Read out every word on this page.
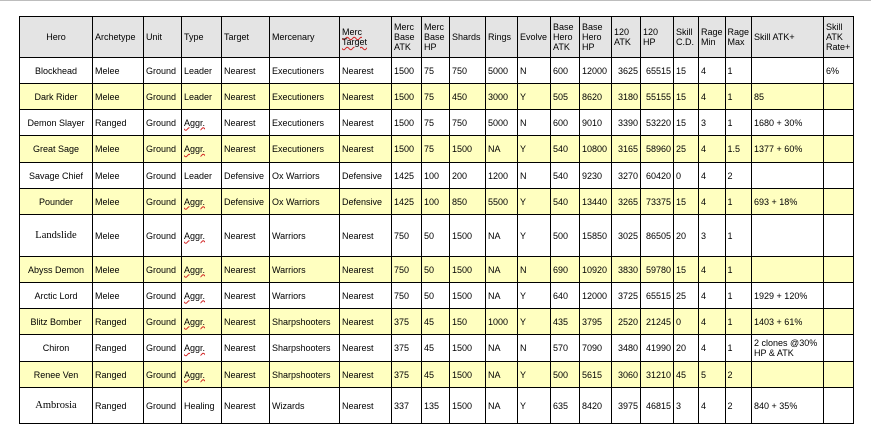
Hero	Archetype	Unit	Type	Target	Mercenary	Merc Target	Merc Base ATK	Merc Base HP	Shards	Rings	Evolve	Base Hero ATK	Base Hero HP	120 ATK	120 HP	Skill C.D.	Rage Min	Rage Max	Skill ATK+	Skill ATK Rate+
Blockhead	Melee	Ground	Leader	Nearest	Executioners	Nearest	1500	75	750	5000	N	600	12000	3625	65515	15	4	1		6%
Dark Rider	Melee	Ground	Leader	Nearest	Executioners	Nearest	1500	75	450	3000	Y	505	8620	3180	55155	15	4	1	85	
Demon Slayer	Ranged	Ground	Aggr.	Nearest	Executioners	Nearest	1500	75	750	5000	N	600	9010	3390	53220	15	3	1	1680 + 30%	
Great Sage	Melee	Ground	Aggr.	Nearest	Executioners	Nearest	1500	75	1500	NA	Y	540	10800	3165	58960	25	4	1.5	1377 + 60%	
Savage Chief	Melee	Ground	Leader	Defensive	Ox Warriors	Defensive	1425	100	200	1200	N	540	9230	3270	60420	0	4	2		
Pounder	Melee	Ground	Aggr.	Defensive	Ox Warriors	Defensive	1425	100	850	5500	Y	540	13440	3265	73375	15	4	1	693 + 18%	
Landslide	Melee	Ground	Aggr.	Nearest	Warriors	Nearest	750	50	1500	NA	Y	500	15850	3025	86505	20	3	1		
Abyss Demon	Melee	Ground	Aggr.	Nearest	Warriors	Nearest	750	50	1500	NA	N	690	10920	3830	59780	15	4	1		
Arctic Lord	Melee	Ground	Aggr.	Nearest	Warriors	Nearest	750	50	1500	NA	Y	640	12000	3725	65515	25	4	1	1929 + 120%	
Blitz Bomber	Ranged	Ground	Aggr.	Nearest	Sharpshooters	Nearest	375	45	150	1000	Y	435	3795	2520	21245	0	4	1	1403 + 61%	
Chiron	Ranged	Ground	Aggr.	Nearest	Sharpshooters	Nearest	375	45	1500	NA	N	570	7090	3480	41990	20	4	1	2 clones @30% HP & ATK	
Renee Ven	Ranged	Ground	Aggr.	Nearest	Sharpshooters	Nearest	375	45	1500	NA	Y	500	5615	3060	31210	45	5	2		
Ambrosia	Ranged	Ground	Healing	Nearest	Wizards	Nearest	337	135	1500	NA	Y	635	8420	3975	46815	3	4	2	840 + 35%	
